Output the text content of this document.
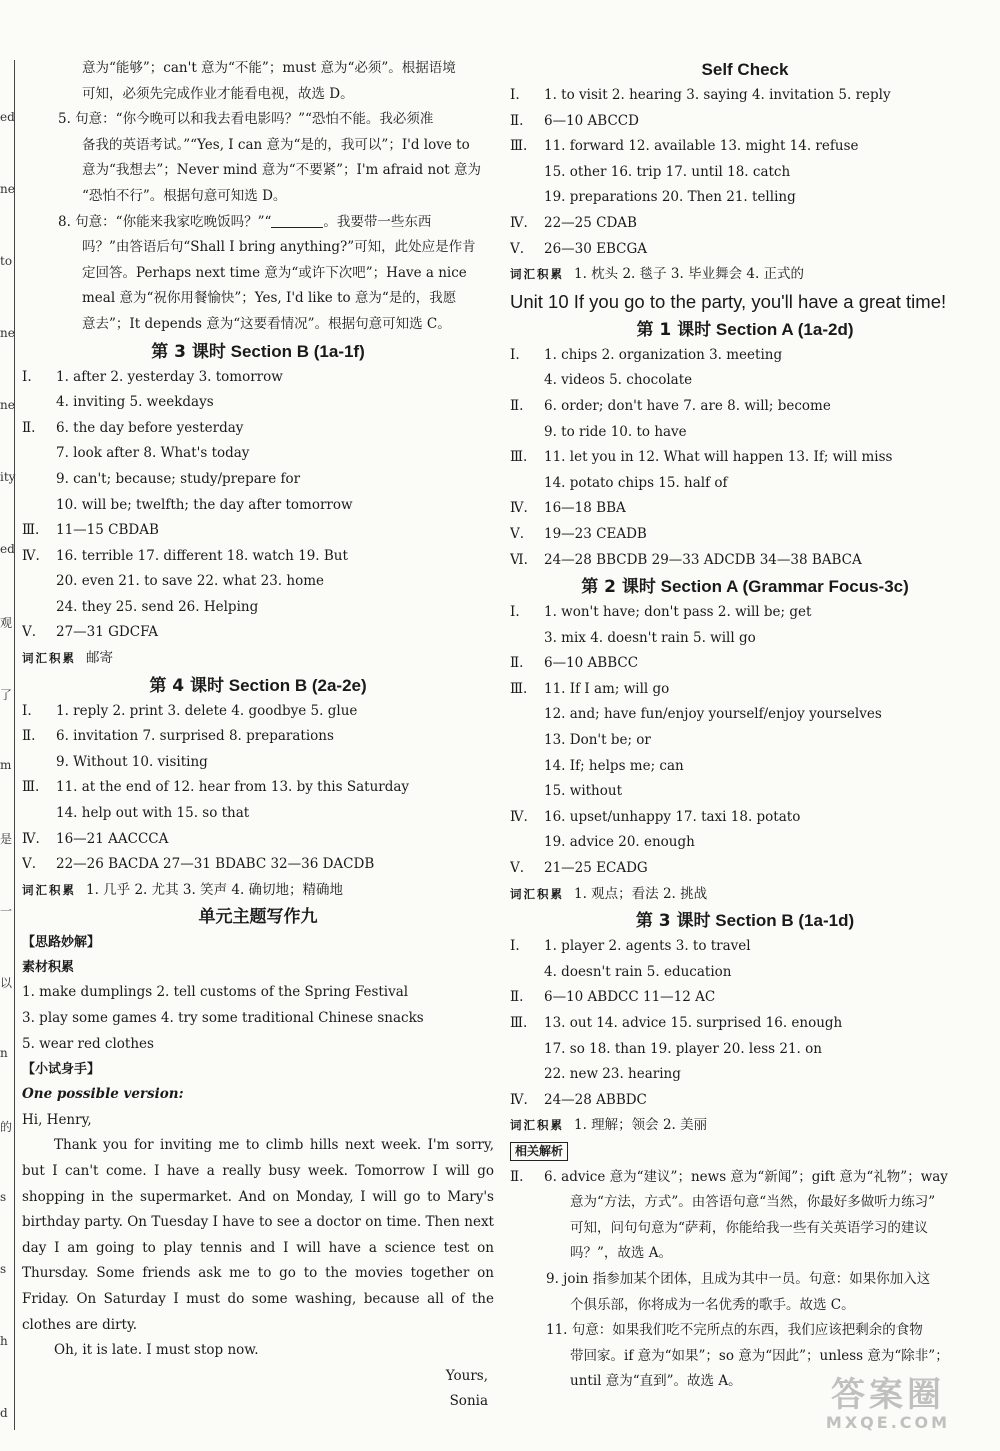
ed
ne
to
ne
ne
ity
ed
观
了
m
是
一
以
n
的
s
s
h
d
意为“能够”；can't 意为“不能”；must 意为“必须”。根据语境
可知，必须先完成作业才能看电视，故选 D。
5. 句意：“你今晚可以和我去看电影吗？”“恐怕不能。我必须准
备我的英语考试。”“Yes, I can 意为“是的，我可以”；I'd love to
意为“我想去”；Never mind 意为“不要紧”；I'm afraid not 意为
“恐怕不行”。根据句意可知选 D。
8. 句意：“你能来我家吃晚饭吗？”“	。我要带一些东西
吗？”由答语后句“Shall I bring anything?”可知，此处应是作肯
定回答。Perhaps next time 意为“或许下次吧”；Have a nice
meal 意为“祝你用餐愉快”；Yes, I'd like to 意为“是的，我愿
意去”；It depends 意为“这要看情况”。根据句意可知选 C。
第 3 课时 Section B (1a-1f)
Ⅰ. 1. after 2. yesterday 3. tomorrow
4. inviting 5. weekdays
Ⅱ. 6. the day before yesterday
7. look after 8. What's today
9. can't; because; study/prepare for
10. will be; twelfth; the day after tomorrow
Ⅲ. 11—15 CBDAB
Ⅳ. 16. terrible 17. different 18. watch 19. But
20. even 21. to save 22. what 23. home
24. they 25. send 26. Helping
Ⅴ. 27—31 GDCFA
词汇积累 邮寄
第 4 课时 Section B (2a-2e)
Ⅰ. 1. reply 2. print 3. delete 4. goodbye 5. glue
Ⅱ. 6. invitation 7. surprised 8. preparations
9. Without 10. visiting
Ⅲ. 11. at the end of 12. hear from 13. by this Saturday
14. help out with 15. so that
Ⅳ. 16—21 AACCCA
Ⅴ. 22—26 BACDA 27—31 BDABC 32—36 DACDB
词汇积累 1. 几乎 2. 尤其 3. 笑声 4. 确切地；精确地
单元主题写作九
【思路妙解】
素材积累
1. make dumplings 2. tell customs of the Spring Festival
3. play some games 4. try some traditional Chinese snacks
5. wear red clothes
【小试身手】
One possible version:
Hi, Henry,
Thank you for inviting me to climb hills next week. I'm sorry,
but I can't come. I have a really busy week. Tomorrow I will go
shopping in the supermarket. And on Monday, I will go to Mary's
birthday party. On Tuesday I have to see a doctor on time. Then next
day I am going to play tennis and I will have a science test on
Thursday. Some friends ask me to go to the movies together on
Friday. On Saturday I must do some washing, because all of the
clothes are dirty.
Oh, it is late. I must stop now.
Yours,
Sonia
Self Check
Ⅰ. 1. to visit 2. hearing 3. saying 4. invitation 5. reply
Ⅱ. 6—10 ABCCD
Ⅲ. 11. forward 12. available 13. might 14. refuse
15. other 16. trip 17. until 18. catch
19. preparations 20. Then 21. telling
Ⅳ. 22—25 CDAB
Ⅴ. 26—30 EBCGA
词汇积累 1. 枕头 2. 毯子 3. 毕业舞会 4. 正式的
Unit 10 If you go to the party, you'll have a great time!
第 1 课时 Section A (1a-2d)
Ⅰ. 1. chips 2. organization 3. meeting
4. videos 5. chocolate
Ⅱ. 6. order; don't have 7. are 8. will; become
9. to ride 10. to have
Ⅲ. 11. let you in 12. What will happen 13. If; will miss
14. potato chips 15. half of
Ⅳ. 16—18 BBA
Ⅴ. 19—23 CEADB
Ⅵ. 24—28 BBCDB 29—33 ADCDB 34—38 BABCA
第 2 课时 Section A (Grammar Focus-3c)
Ⅰ. 1. won't have; don't pass 2. will be; get
3. mix 4. doesn't rain 5. will go
Ⅱ. 6—10 ABBCC
Ⅲ. 11. If I am; will go
12. and; have fun/enjoy yourself/enjoy yourselves
13. Don't be; or
14. If; helps me; can
15. without
Ⅳ. 16. upset/unhappy 17. taxi 18. potato
19. advice 20. enough
Ⅴ. 21—25 ECADG
词汇积累 1. 观点；看法 2. 挑战
第 3 课时 Section B (1a-1d)
Ⅰ. 1. player 2. agents 3. to travel
4. doesn't rain 5. education
Ⅱ. 6—10 ABDCC 11—12 AC
Ⅲ. 13. out 14. advice 15. surprised 16. enough
17. so 18. than 19. player 20. less 21. on
22. new 23. hearing
Ⅳ. 24—28 ABBDC
词汇积累 1. 理解；领会 2. 美丽
相关解析
Ⅱ. 6. advice 意为“建议”；news 意为“新闻”；gift 意为“礼物”；way
意为“方法，方式”。由答语句意“当然，你最好多做听力练习”
可知，问句句意为“萨莉，你能给我一些有关英语学习的建议
吗？”，故选 A。
9. join 指参加某个团体，且成为其中一员。句意：如果你加入这
个俱乐部，你将成为一名优秀的歌手。故选 C。
11. 句意：如果我们吃不完所点的东西，我们应该把剩余的食物
带回家。if 意为“如果”；so 意为“因此”；unless 意为“除非”；
until 意为“直到”。故选 A。	答案圈
MXQE.COM
